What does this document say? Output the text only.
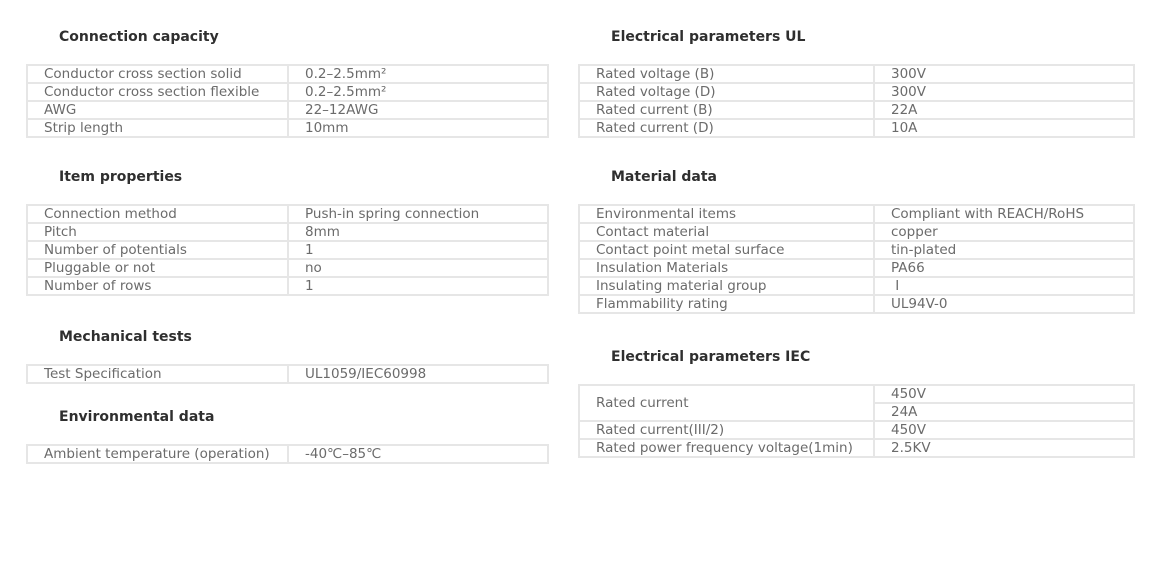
Connection capacity
Conductor cross section solid	0.2–2.5mm²
Conductor cross section flexible	0.2–2.5mm²
AWG	22–12AWG
Strip length	10mm
Item properties
Connection method	Push-in spring connection
Pitch	8mm
Number of potentials	1
Pluggable or not	no
Number of rows	1
Mechanical tests
Test Specification	UL1059/IEC60998
Environmental data
Ambient temperature (operation)	-40℃–85℃
Electrical parameters UL
Rated voltage (B)	300V
Rated voltage (D)	300V
Rated current (B)	22A
Rated current (D)	10A
Material data
Environmental items	Compliant with REACH/RoHS
Contact material	copper
Contact point metal surface	tin-plated
Insulation Materials	PA66
Insulating material group	I
Flammability rating	UL94V-0
Electrical parameters IEC
Rated current	450V
	24A
Rated current(III/2)	450V
Rated power frequency voltage(1min)	2.5KV
